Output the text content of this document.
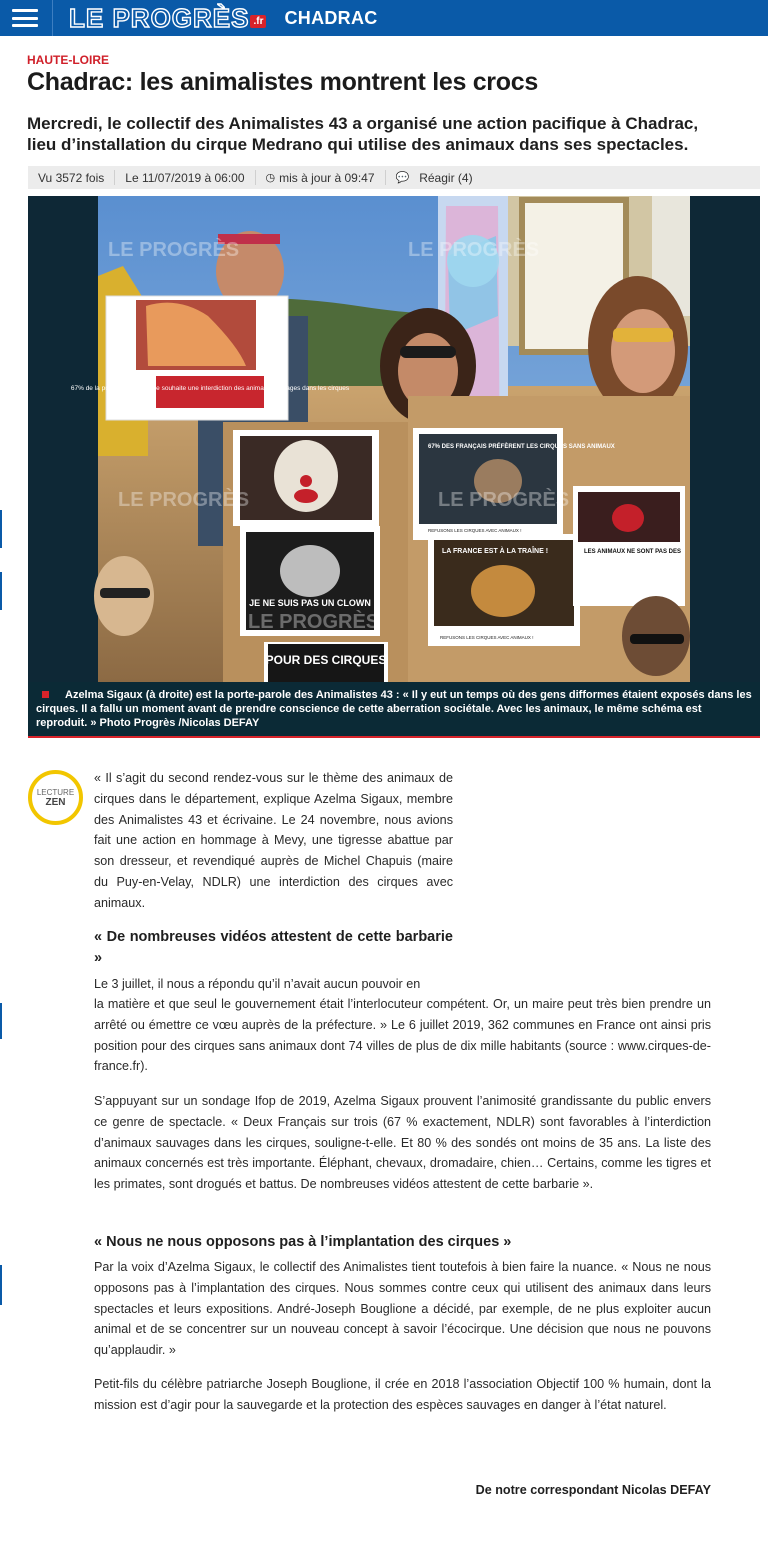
LE PROGRÈS .fr CHADRAC
HAUTE-LOIRE
Chadrac: les animalistes montrent les crocs
Mercredi, le collectif des Animalistes 43 a organisé une action pacifique à Chadrac, lieu d’installation du cirque Medrano qui utilise des animaux dans ses spectacles.
Vu 3572 fois	Le 11/07/2019 à 06:00	◷ mis à jour à 09:47 💬 Réagir (4)
67% de la population française souhaite une interdiction des animaux sauvages dans les cirques
JE NE SUIS PAS UN CLOWN
POUR DES CIRQUES
67% DES FRANÇAIS PRÉFÈRENT LES CIRQUES SANS ANIMAUX
REFUSONS LES CIRQUES AVEC ANIMAUX !
LA FRANCE EST À LA TRAÎNE !
REFUSONS LES CIRQUES AVEC ANIMAUX !
LES ANIMAUX NE SONT PAS DES
LE PROGRÈS	LE PROGRÈS
LE PROGRÈS	LE PROGRÈS
LE PROGRÈS
Azelma Sigaux (à droite) est la porte-parole des Animalistes 43 : « Il y eut un temps où des gens difformes étaient exposés dans les cirques. Il a fallu un moment avant de prendre conscience de cette aberration sociétale. Avec les animaux, le même schéma est reproduit. » Photo Progrès /Nicolas DEFAY
LECTURE
ZEN
« Il s’agit du second rendez-vous sur le thème des animaux de cirques dans le département, explique Azelma Sigaux, membre des Animalistes 43 et écrivaine. Le 24 novembre, nous avions fait une action en hommage à Mevy, une tigresse abattue par son dresseur, et revendiqué auprès de Michel Chapuis (maire du Puy-en-Velay, NDLR) une interdiction des cirques avec animaux.
« De nombreuses vidéos attestent de cette barbarie »
Le 3 juillet, il nous a répondu qu’il n’avait aucun pouvoir en
la matière et que seul le gouvernement était l’interlocuteur compétent. Or, un maire peut très bien prendre un arrêté ou émettre ce vœu auprès de la préfecture. » Le 6 juillet 2019, 362 communes en France ont ainsi pris position pour des cirques sans animaux dont 74 villes de plus de dix mille habitants (source : www.cirques-de-france.fr).
S’appuyant sur un sondage Ifop de 2019, Azelma Sigaux prouvent l’animosité grandissante du public envers ce genre de spectacle. « Deux Français sur trois (67 % exactement, NDLR) sont favorables à l’interdiction d’animaux sauvages dans les cirques, souligne-t-elle. Et 80 % des sondés ont moins de 35 ans. La liste des animaux concernés est très importante. Éléphant, chevaux, dromadaire, chien… Certains, comme les tigres et les primates, sont drogués et battus. De nombreuses vidéos attestent de cette barbarie ».
« Nous ne nous opposons pas à l’implantation des cirques »
Par la voix d’Azelma Sigaux, le collectif des Animalistes tient toutefois à bien faire la nuance. « Nous ne nous opposons pas à l’implantation des cirques. Nous sommes contre ceux qui utilisent des animaux dans leurs spectacles et leurs expositions. André-Joseph Bouglione a décidé, par exemple, de ne plus exploiter aucun animal et de se concentrer sur un nouveau concept à savoir l’écocirque. Une décision que nous ne pouvons qu’applaudir. »
Petit-fils du célèbre patriarche Joseph Bouglione, il crée en 2018 l’association Objectif 100 % humain, dont la mission est d’agir pour la sauvegarde et la protection des espèces sauvages en danger à l’état naturel.
De notre correspondant Nicolas DEFAY
